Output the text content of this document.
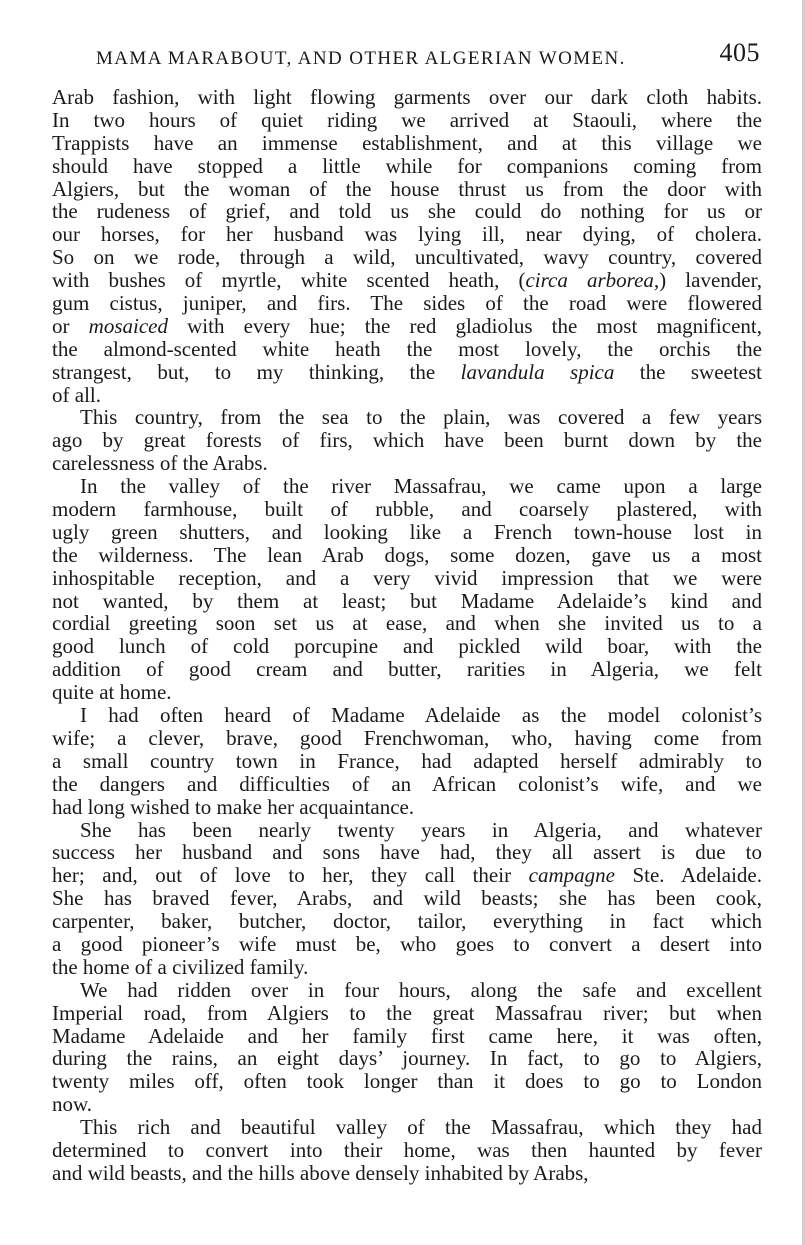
MAMA MARABOUT, AND OTHER ALGERIAN WOMEN.	405
Arab fashion, with light flowing garments over our dark cloth habits.
In two hours of quiet riding we arrived at Staouli, where the
Trappists have an immense establishment, and at this village we
should have stopped a little while for companions coming from
Algiers, but the woman of the house thrust us from the door with
the rudeness of grief, and told us she could do nothing for us or
our horses, for her husband was lying ill, near dying, of cholera.
So on we rode, through a wild, uncultivated, wavy country, covered
with bushes of myrtle, white scented heath, (circa arborea,) lavender,
gum cistus, juniper, and firs. The sides of the road were flowered
or mosaiced with every hue; the red gladiolus the most magnificent,
the almond-scented white heath the most lovely, the orchis the
strangest, but, to my thinking, the lavandula spica the sweetest
of all.
This country, from the sea to the plain, was covered a few years
ago by great forests of firs, which have been burnt down by the
carelessness of the Arabs.
In the valley of the river Massafrau, we came upon a large
modern farmhouse, built of rubble, and coarsely plastered, with
ugly green shutters, and looking like a French town-house lost in
the wilderness. The lean Arab dogs, some dozen, gave us a most
inhospitable reception, and a very vivid impression that we were
not wanted, by them at least; but Madame Adelaide’s kind and
cordial greeting soon set us at ease, and when she invited us to a
good lunch of cold porcupine and pickled wild boar, with the
addition of good cream and butter, rarities in Algeria, we felt
quite at home.
I had often heard of Madame Adelaide as the model colonist’s
wife; a clever, brave, good Frenchwoman, who, having come from
a small country town in France, had adapted herself admirably to
the dangers and difficulties of an African colonist’s wife, and we
had long wished to make her acquaintance.
She has been nearly twenty years in Algeria, and whatever
success her husband and sons have had, they all assert is due to
her; and, out of love to her, they call their campagne Ste. Adelaide.
She has braved fever, Arabs, and wild beasts; she has been cook,
carpenter, baker, butcher, doctor, tailor, everything in fact which
a good pioneer’s wife must be, who goes to convert a desert into
the home of a civilized family.
We had ridden over in four hours, along the safe and excellent
Imperial road, from Algiers to the great Massafrau river; but when
Madame Adelaide and her family first came here, it was often,
during the rains, an eight days’ journey. In fact, to go to Algiers,
twenty miles off, often took longer than it does to go to London
now.
This rich and beautiful valley of the Massafrau, which they had
determined to convert into their home, was then haunted by fever
and wild beasts, and the hills above densely inhabited by Arabs,
